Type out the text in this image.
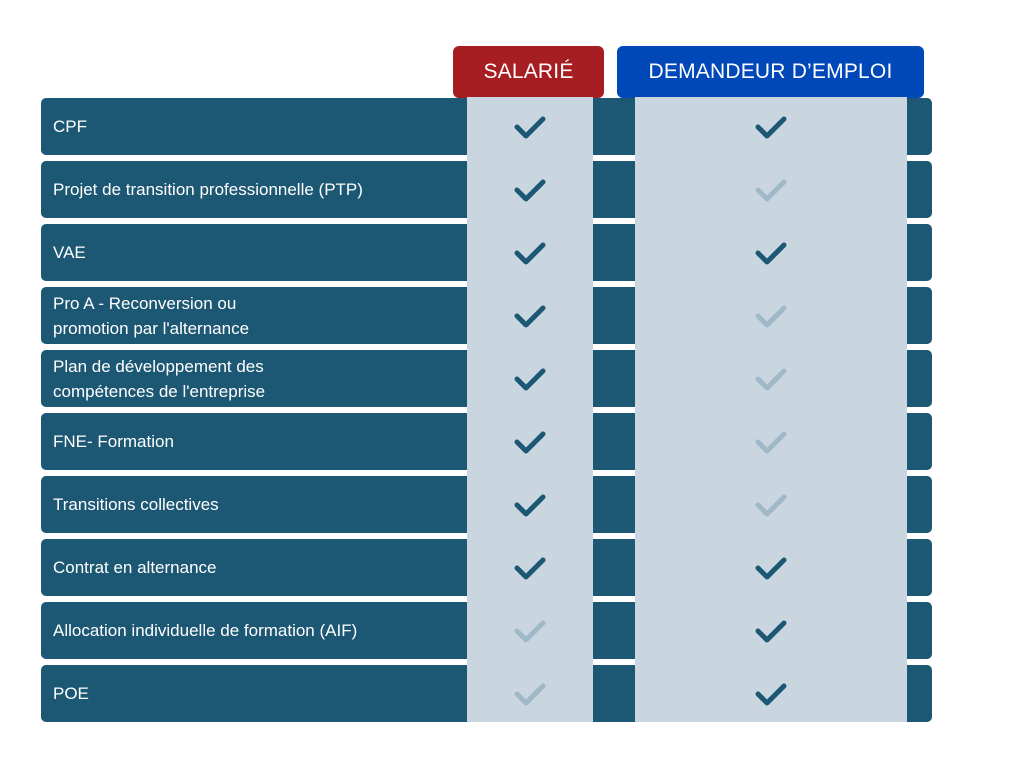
SALARIÉ	DEMANDEUR D’EMPLOI
CPF
Projet de transition professionnelle (PTP)
VAE
Pro A - Reconversion ou
promotion par l'alternance
Plan de développement des
compétences de l'entreprise
FNE- Formation
Transitions collectives
Contrat en alternance
Allocation individuelle de formation (AIF)
POE
